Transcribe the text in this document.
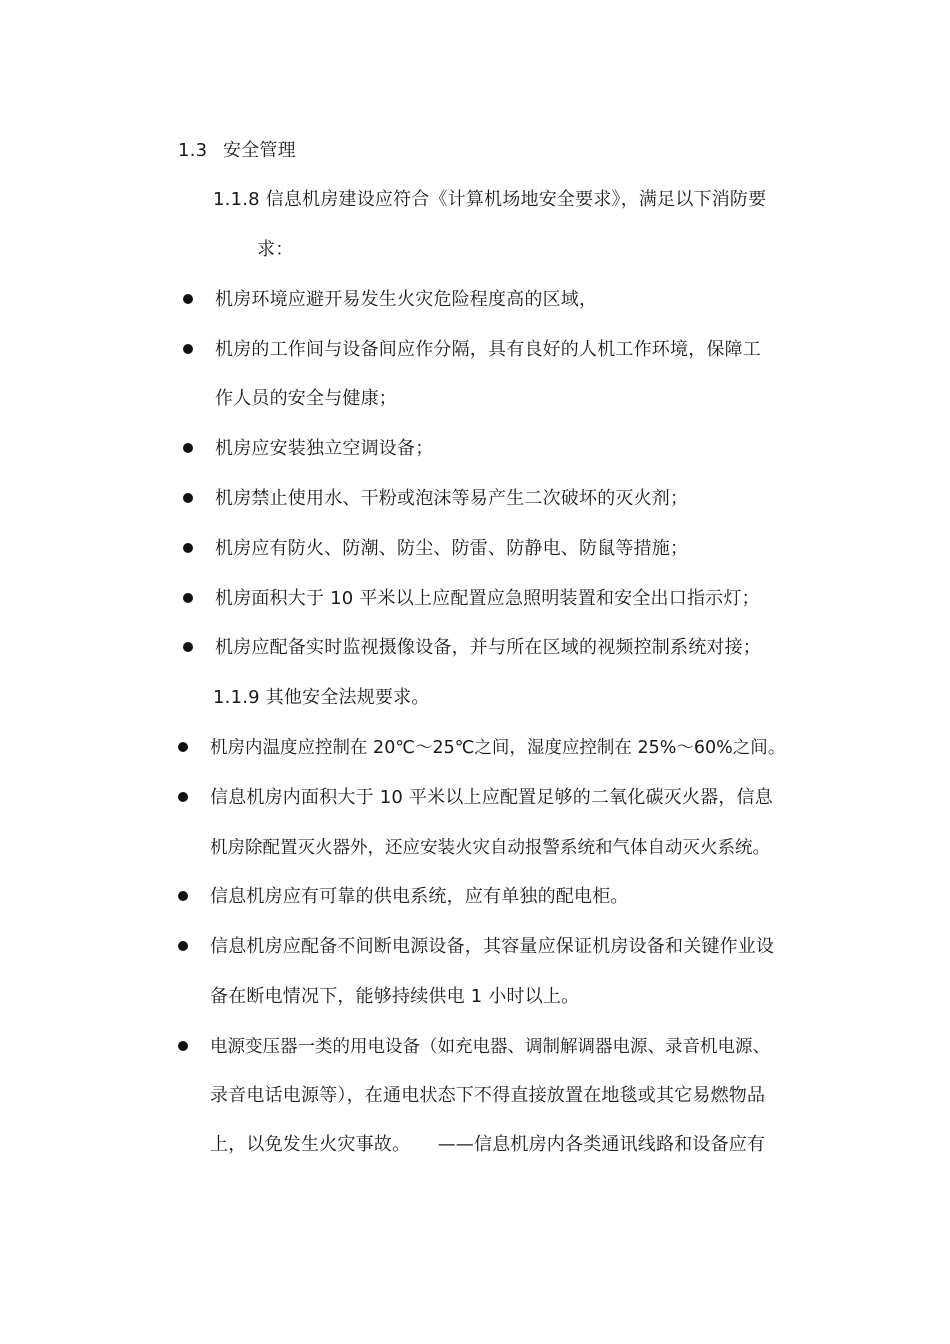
1.3 安全管理
1.1.8 信息机房建设应符合《计算机场地安全要求》，满足以下消防要
求：
机房环境应避开易发生火灾危险程度高的区域，
机房的工作间与设备间应作分隔，具有良好的人机工作环境，保障工
作人员的安全与健康；
机房应安装独立空调设备；
机房禁止使用水、干粉或泡沫等易产生二次破坏的灭火剂；
机房应有防火、防潮、防尘、防雷、防静电、防鼠等措施；
机房面积大于 10 平米以上应配置应急照明装置和安全出口指示灯；
机房应配备实时监视摄像设备，并与所在区域的视频控制系统对接；
1.1.9 其他安全法规要求。
机房内温度应控制在 20℃～25℃之间，湿度应控制在 25%～60%之间。
信息机房内面积大于 10 平米以上应配置足够的二氧化碳灭火器，信息
机房除配置灭火器外，还应安装火灾自动报警系统和气体自动灭火系统。
信息机房应有可靠的供电系统，应有单独的配电柜。
信息机房应配备不间断电源设备，其容量应保证机房设备和关键作业设
备在断电情况下，能够持续供电 1 小时以上。
电源变压器一类的用电设备（如充电器、调制解调器电源、录音机电源、
录音电话电源等），在通电状态下不得直接放置在地毯或其它易燃物品
上，以免发生火灾事故。　　——信息机房内各类通讯线路和设备应有
